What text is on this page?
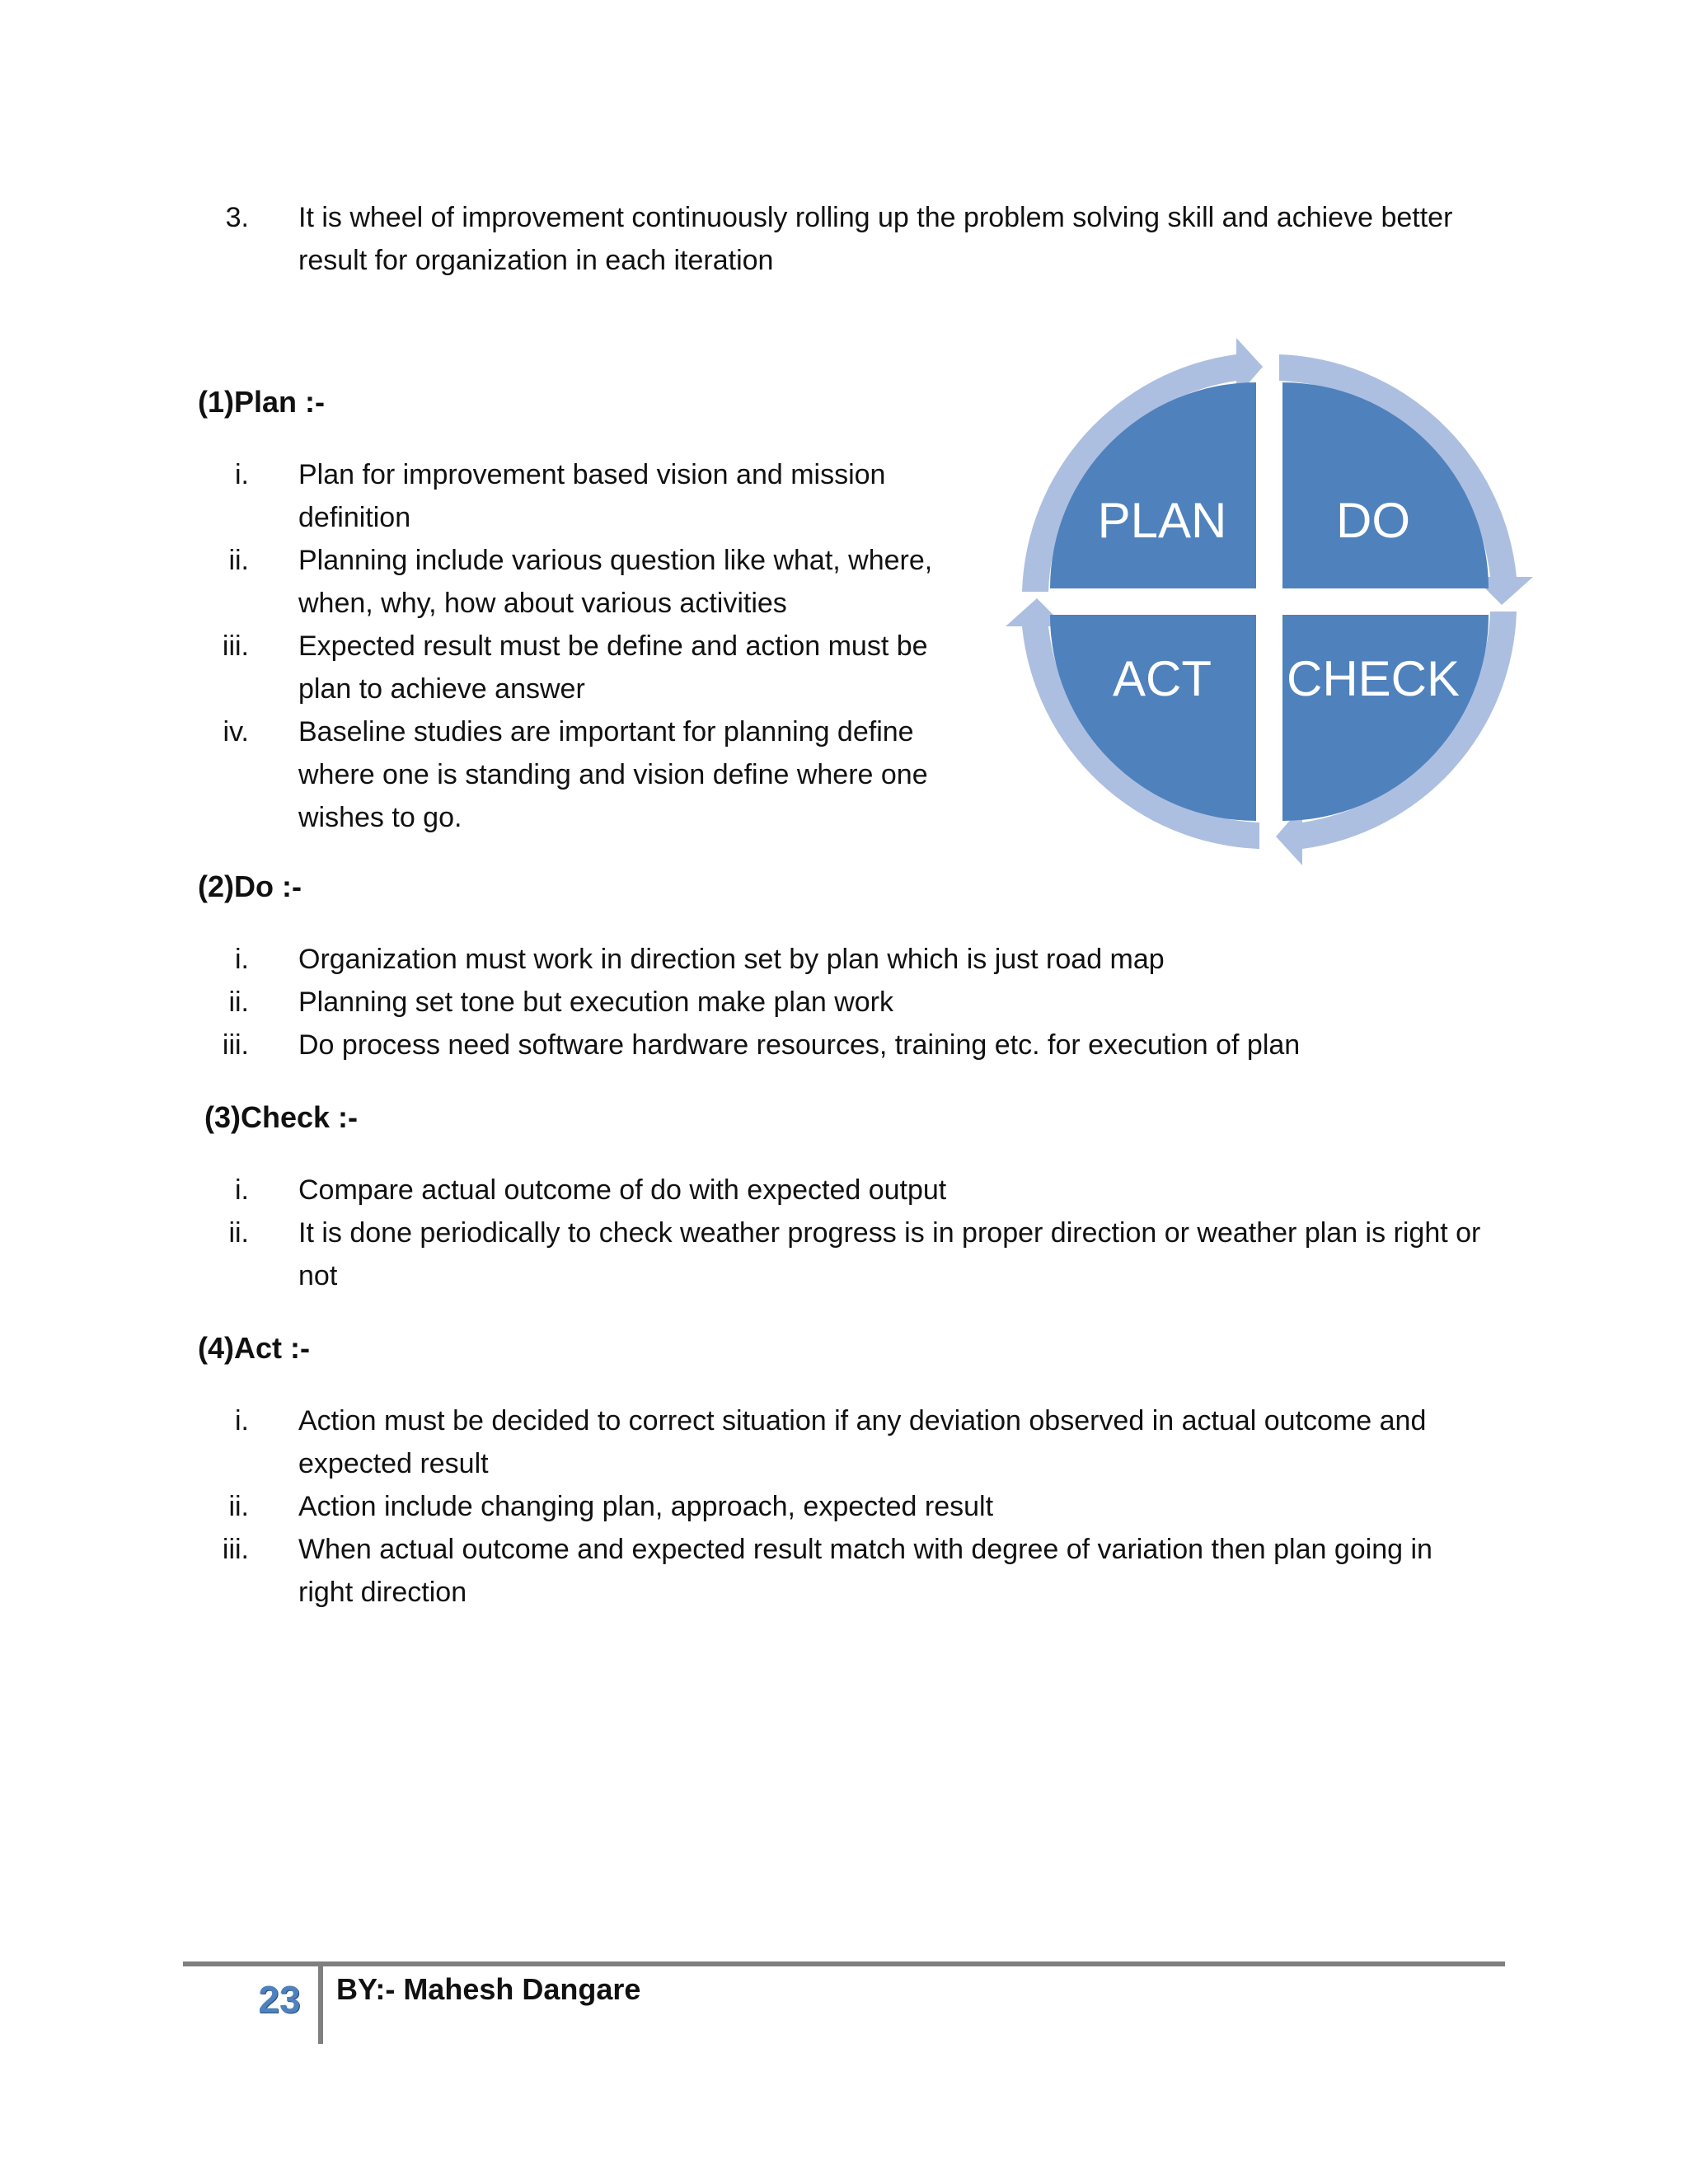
3. It is wheel of improvement continuously rolling up the problem solving skill and achieve better
result for organization in each iteration
(1)Plan :-
i. Plan for improvement based vision and mission
definition
ii. Planning include various question like what, where,
when, why, how about various activities
iii. Expected result must be define and action must be
plan to achieve answer
iv. Baseline studies are important for planning define
where one is standing and vision define where one
wishes to go.
PLAN DO
ACT CHECK
(2)Do :-
i. Organization must work in direction set by plan which is just road map
ii. Planning set tone but execution make plan work
iii. Do process need software hardware resources, training etc. for execution of plan
(3)Check :-
i. Compare actual outcome of do with expected output
ii. It is done periodically to check weather progress is in proper direction or weather plan is right or
not
(4)Act :-
i. Action must be decided to correct situation if any deviation observed in actual outcome and
expected result
ii. Action include changing plan, approach, expected result
iii. When actual outcome and expected result match with degree of variation then plan going in
right direction
23	BY:- Mahesh Dangare
